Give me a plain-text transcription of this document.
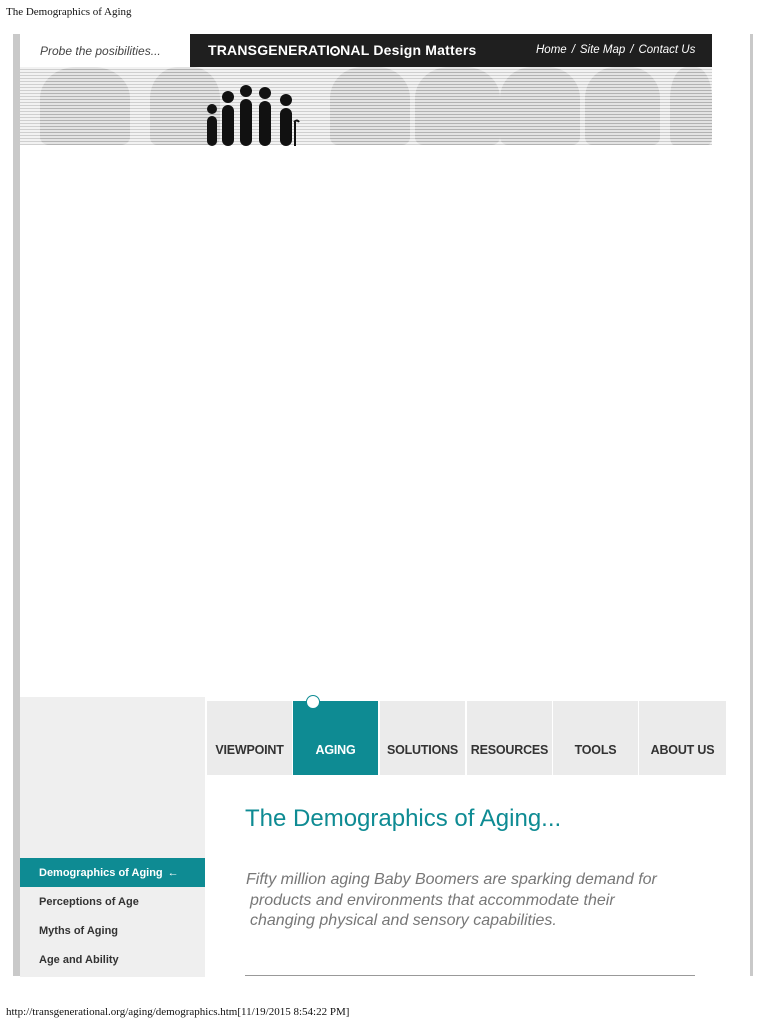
The Demographics of Aging
Probe the posibilities...	TRANSGENERATI NAL Design Matters	Home / Site Map / Contact Us
VIEWPOINT	AGING	SOLUTIONS	RESOURCES	TOOLS	ABOUT US
Demographics of Aging ←
Perceptions of Age
Myths of Aging
Age and Ability
The Demographics of Aging...
Fifty million aging Baby Boomers are sparking demand for
products and environments that accommodate their
changing physical and sensory capabilities.
http://transgenerational.org/aging/demographics.htm[11/19/2015 8:54:22 PM]
